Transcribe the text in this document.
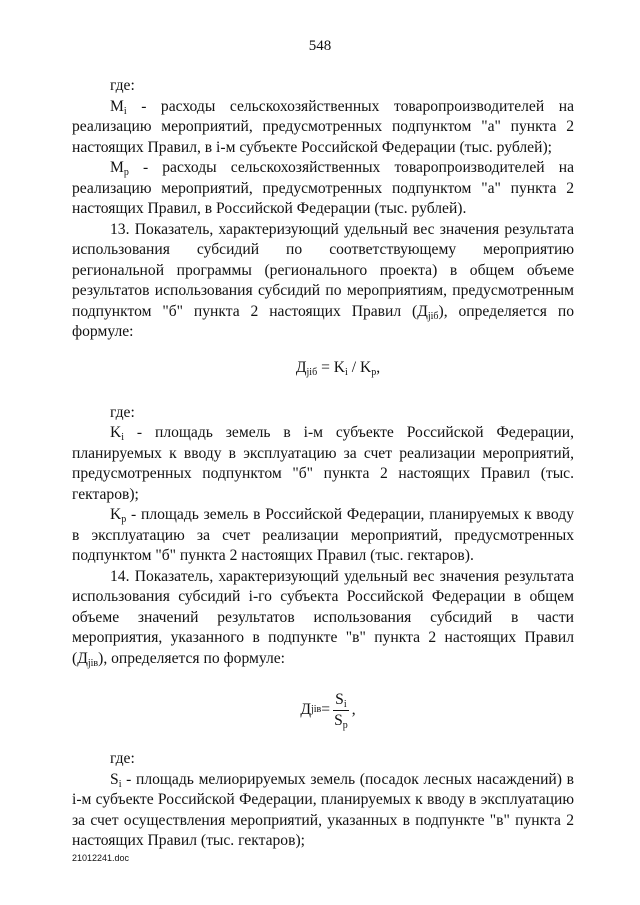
548

где:

$M_i$ - расходы сельскохозяйственных товаропроизводителей на реализацию мероприятий, предусмотренных подпунктом "а" пункта 2 настоящих Правил, в i-м субъекте Российской Федерации (тыс. рублей);

$M_р$ - расходы сельскохозяйственных товаропроизводителей на реализацию мероприятий, предусмотренных подпунктом "а" пункта 2 настоящих Правил, в Российской Федерации (тыс. рублей).

13. Показатель, характеризующий удельный вес значения результата использования субсидий по соответствующему мероприятию региональной программы (регионального проекта) в общем объеме результатов использования субсидий по мероприятиям, предусмотренным подпунктом "б" пункта 2 настоящих Правил $(Д_{jiб})$, определяется по формуле:

$Д_{jiб} = K_i / K_р$,

где:

$K_i$ - площадь земель в i-м субъекте Российской Федерации, планируемых к вводу в эксплуатацию за счет реализации мероприятий, предусмотренных подпунктом "б" пункта 2 настоящих Правил (тыс. гектаров);

$K_р$ - площадь земель в Российской Федерации, планируемых к вводу в эксплуатацию за счет реализации мероприятий, предусмотренных подпунктом "б" пункта 2 настоящих Правил (тыс. гектаров).

14. Показатель, характеризующий удельный вес значения результата использования субсидий i-го субъекта Российской Федерации в общем объеме значений результатов использования субсидий в части мероприятия, указанного в подпункте "в" пункта 2 настоящих Правил $(Д_{jiв})$, определяется по формуле:

Д jiв = $\frac{S_i}{S_р}$ ,

где:

$S_i$ - площадь мелиорируемых земель (посадок лесных насаждений) в i-м субъекте Российской Федерации, планируемых к вводу в эксплуатацию за счет осуществления мероприятий, указанных в подпункте "в" пункта 2 настоящих Правил (тыс. гектаров);

21012241.doc
